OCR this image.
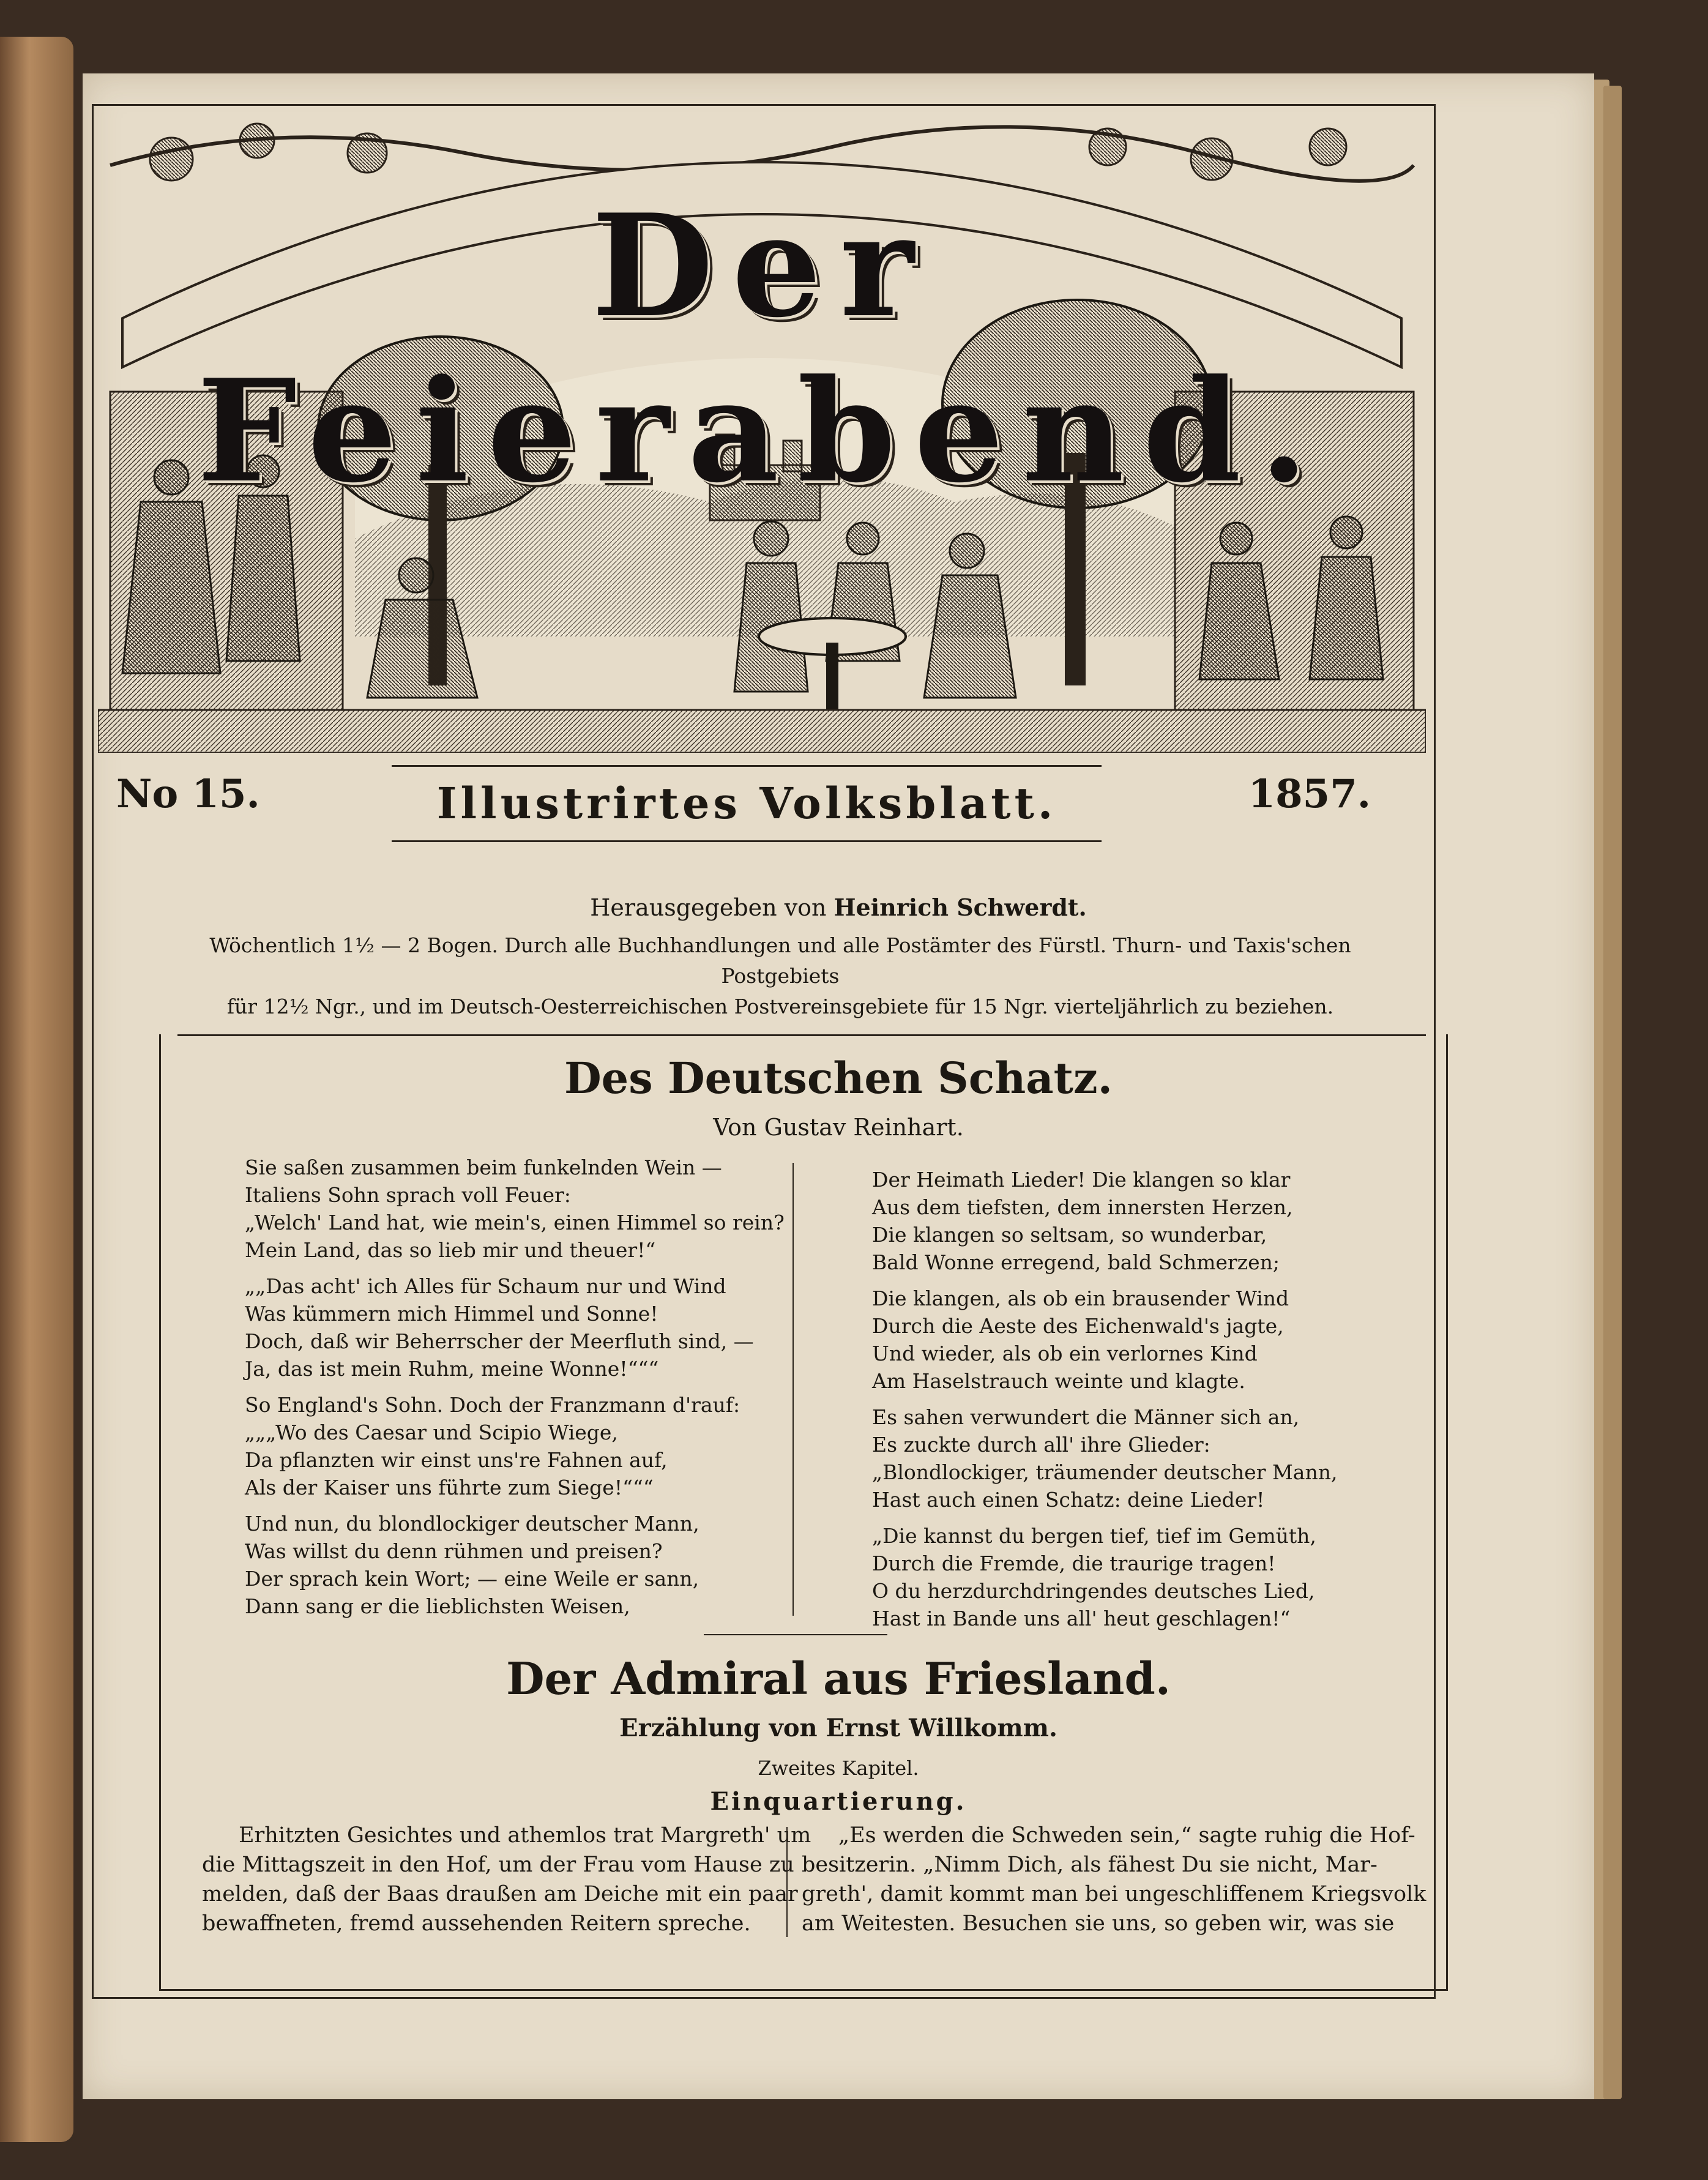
Der Feierabend.
No 15.	Illustrirtes Volksblatt.	1857.
Herausgegeben von Heinrich Schwerdt.
Wöchentlich 1½ — 2 Bogen. Durch alle Buchhandlungen und alle Postämter des Fürstl. Thurn- und Taxis'schen Postgebiets
für 12½ Ngr., und im Deutsch-Oesterreichischen Postvereinsgebiete für 15 Ngr. vierteljährlich zu beziehen.
Des Deutschen Schatz.
Von Gustav Reinhart.
Sie saßen zusammen beim funkelnden Wein —
Italiens Sohn sprach voll Feuer:
„Welch' Land hat, wie mein's, einen Himmel so rein?
Mein Land, das so lieb mir und theuer!“
„„Das acht' ich Alles für Schaum nur und Wind
Was kümmern mich Himmel und Sonne!
Doch, daß wir Beherrscher der Meerfluth sind, —
Ja, das ist mein Ruhm, meine Wonne!“““
So England's Sohn. Doch der Franzmann d'rauf:
„„„Wo des Caesar und Scipio Wiege,
Da pflanzten wir einst uns're Fahnen auf,
Als der Kaiser uns führte zum Siege!“““
Und nun, du blondlockiger deutscher Mann,
Was willst du denn rühmen und preisen?
Der sprach kein Wort; — eine Weile er sann,
Dann sang er die lieblichsten Weisen,
Der Heimath Lieder! Die klangen so klar
Aus dem tiefsten, dem innersten Herzen,
Die klangen so seltsam, so wunderbar,
Bald Wonne erregend, bald Schmerzen;
Die klangen, als ob ein brausender Wind
Durch die Aeste des Eichenwald's jagte,
Und wieder, als ob ein verlornes Kind
Am Haselstrauch weinte und klagte.
Es sahen verwundert die Männer sich an,
Es zuckte durch all' ihre Glieder:
„Blondlockiger, träumender deutscher Mann,
Hast auch einen Schatz: deine Lieder!
„Die kannst du bergen tief, tief im Gemüth,
Durch die Fremde, die traurige tragen!
O du herzdurchdringendes deutsches Lied,
Hast in Bande uns all' heut geschlagen!“
Der Admiral aus Friesland.
Erzählung von Ernst Willkomm.
Zweites Kapitel.
Einquartierung.
Erhitzten Gesichtes und athemlos trat Margreth' um
die Mittagszeit in den Hof, um der Frau vom Hause zu
melden, daß der Baas draußen am Deiche mit ein paar
bewaffneten, fremd aussehenden Reitern spreche.
„Es werden die Schweden sein,“ sagte ruhig die Hof-
besitzerin. „Nimm Dich, als fähest Du sie nicht, Mar-
greth', damit kommt man bei ungeschliffenem Kriegsvolk
am Weitesten. Besuchen sie uns, so geben wir, was sie
